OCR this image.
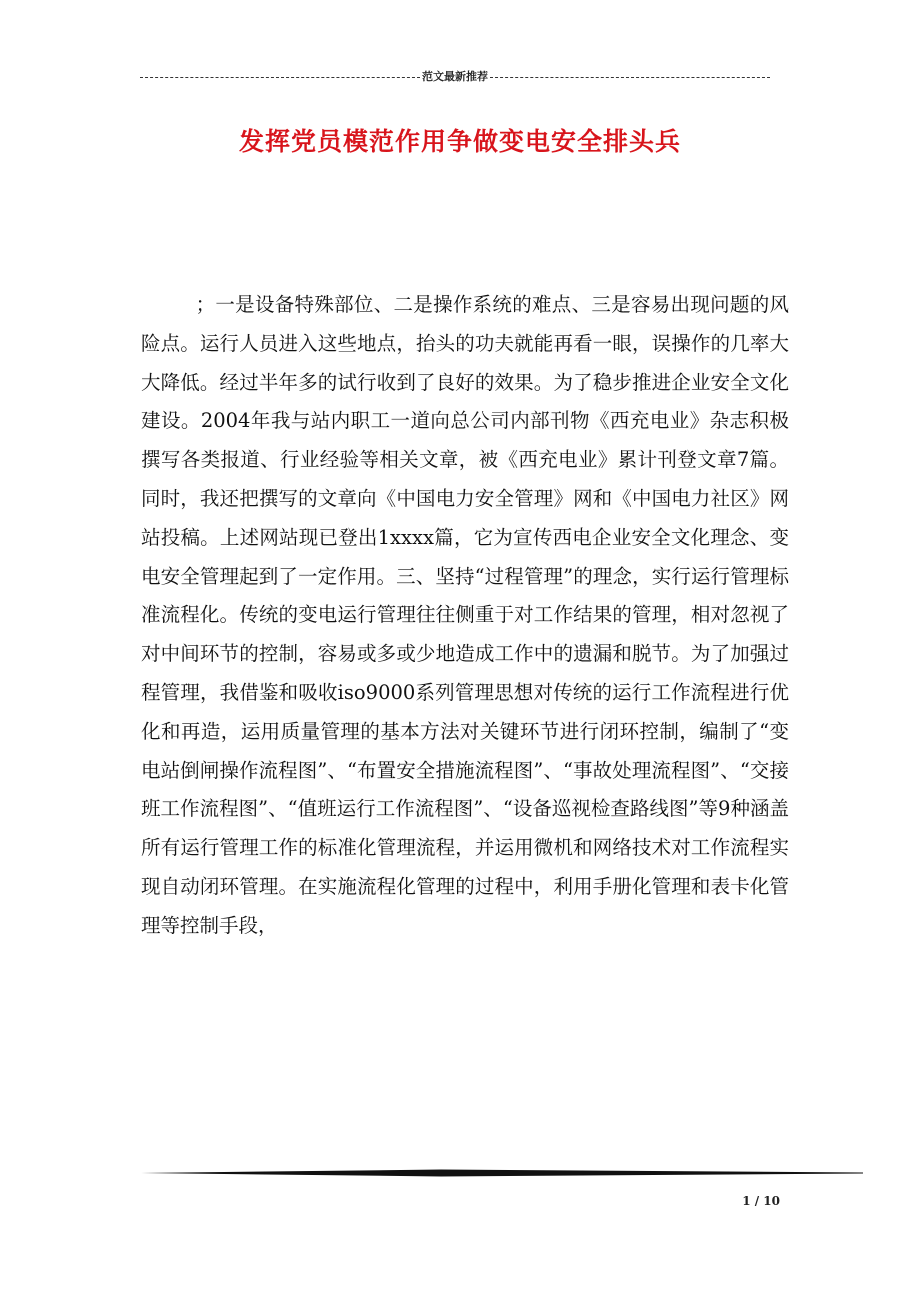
范文最新推荐
发挥党员模范作用争做变电安全排头兵
；一是设备特殊部位、二是操作系统的难点、三是容易出现问题的风险点。运行人员进入这些地点，抬头的功夫就能再看一眼，误操作的几率大大降低。经过半年多的试行收到了良好的效果。为了稳步推进企业安全文化建设。2004年我与站内职工一道向总公司内部刊物《西充电业》杂志积极撰写各类报道、行业经验等相关文章，被《西充电业》累计刊登文章7篇。同时，我还把撰写的文章向《中国电力安全管理》网和《中国电力社区》网站投稿。上述网站现已登出1xxxx篇，它为宣传西电企业安全文化理念、变电安全管理起到了一定作用。三、坚持“过程管理”的理念，实行运行管理标准流程化。传统的变电运行管理往往侧重于对工作结果的管理，相对忽视了对中间环节的控制，容易或多或少地造成工作中的遗漏和脱节。为了加强过程管理，我借鉴和吸收iso9000系列管理思想对传统的运行工作流程进行优化和再造，运用质量管理的基本方法对关键环节进行闭环控制，编制了“变电站倒闸操作流程图”、“布置安全措施流程图”、“事故处理流程图”、“交接班工作流程图”、“值班运行工作流程图”、“设备巡视检查路线图”等9种涵盖所有运行管理工作的标准化管理流程，并运用微机和网络技术对工作流程实现自动闭环管理。在实施流程化管理的过程中，利用手册化管理和表卡化管理等控制手段，
1 / 10
